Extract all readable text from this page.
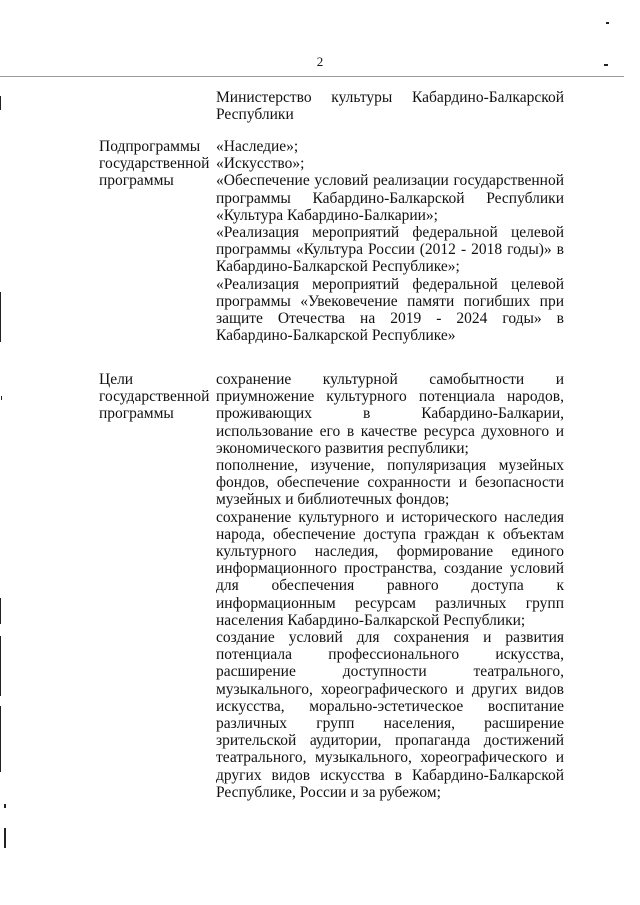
2
Министерство культуры Кабардино-Балкарской Республики
Подпрограммы
государственной
программы
«Наследие»;
«Искусство»;
«Обеспечение условий реализации государственной программы Кабардино-Балкарской Республики «Культура Кабардино-Балкарии»;
«Реализация мероприятий федеральной целевой программы «Культура России (2012 - 2018 годы)» в Кабардино-Балкарской Республике»;
«Реализация мероприятий федеральной целевой программы «Увековечение памяти погибших при защите Отечества на 2019 - 2024 годы» в Кабардино-Балкарской Республике»
Цели
государственной
программы
сохранение культурной самобытности и приумножение культурного потенциала народов, проживающих в Кабардино-Балкарии, использование его в качестве ресурса духовного и экономического развития республики;
пополнение, изучение, популяризация музейных фондов, обеспечение сохранности и безопасности музейных и библиотечных фондов;
сохранение культурного и исторического наследия народа, обеспечение доступа граждан к объектам культурного наследия, формирование единого информационного пространства, создание условий для обеспечения равного доступа к информационным ресурсам различных групп населения Кабардино-Балкарской Республики;
создание условий для сохранения и развития потенциала профессионального искусства, расширение доступности театрального, музыкального, хореографического и других видов искусства, морально-эстетическое воспитание различных групп населения, расширение зрительской аудитории, пропаганда достижений театрального, музыкального, хореографического и других видов искусства в Кабардино-Балкарской Республике, России и за рубежом;
